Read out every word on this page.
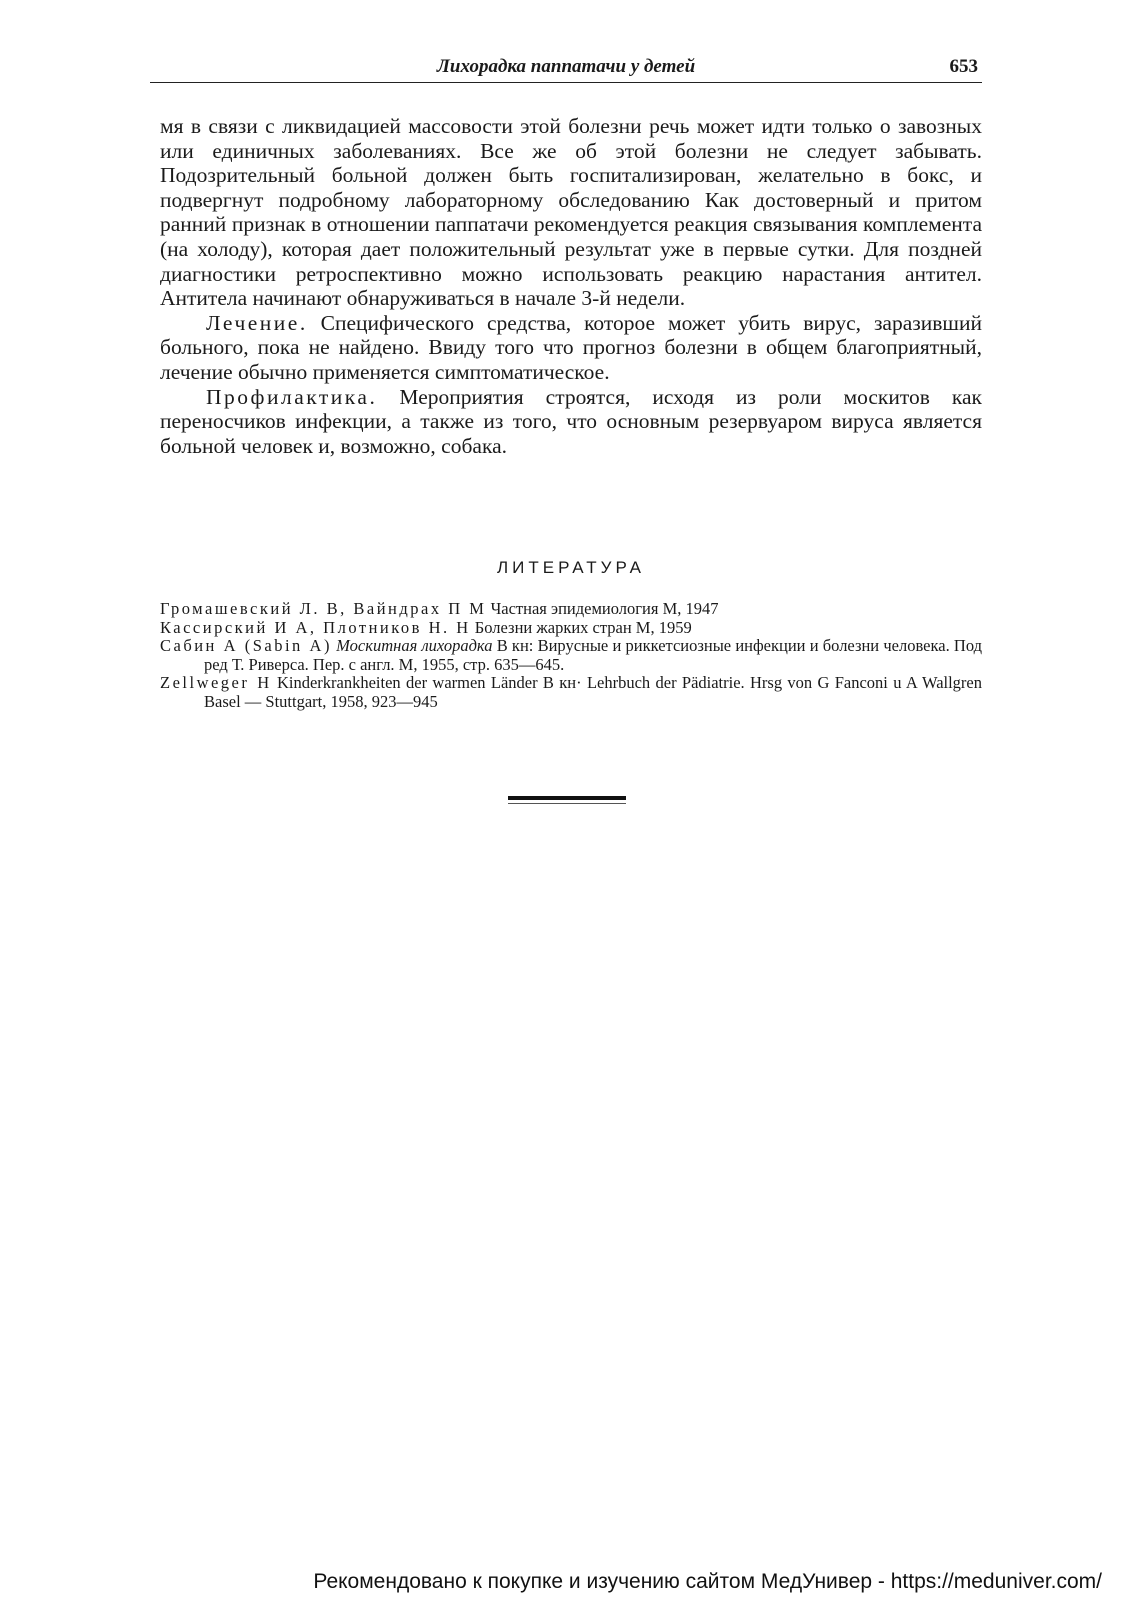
Лихорадка паппатачи у детей	653

мя в связи с ликвидацией массовости этой болезни речь может идти только о завозных или единичных заболеваниях. Все же об этой болезни не следует забывать. Подозрительный больной должен быть госпитализирован, желательно в бокс, и подвергнут подробному лабораторному обследованию Как достоверный и притом ранний признак в отношении паппатачи рекомендуется реакция связывания комплемента (на холоду), которая дает положительный результат уже в первые сутки. Для поздней диагностики ретроспективно можно использовать реакцию нарастания антител. Антитела начинают обнаруживаться в начале 3-й недели.

Лечение. Специфического средства, которое может убить вирус, заразивший больного, пока не найдено. Ввиду того что прогноз болезни в общем благоприятный, лечение обычно применяется симптоматическое.

Профилактика. Мероприятия строятся, исходя из роли москитов как переносчиков инфекции, а также из того, что основным резервуаром вируса является больной человек и, возможно, собака.

ЛИТЕРАТУРА

Громашевский Л. В, Вайндрах П М Частная эпидемиология М, 1947

Кассирский И А, Плотников Н. Н Болезни жарких стран М, 1959

Сабин А (Sabin А) Москитная лихорадка В кн: Вирусные и риккетсиозные инфекции и болезни человека. Под ред Т. Риверса. Пер. с англ. М, 1955, стр. 635—645.

Zellweger Н Kinderkrankheiten der warmen Länder В кн· Lehrbuch der Pädiatrie. Hrsg von G Fanconi u A Wallgren Basel — Stuttgart, 1958, 923—945

Рекомендовано к покупке и изучению сайтом МедУнивер - https://meduniver.com/
